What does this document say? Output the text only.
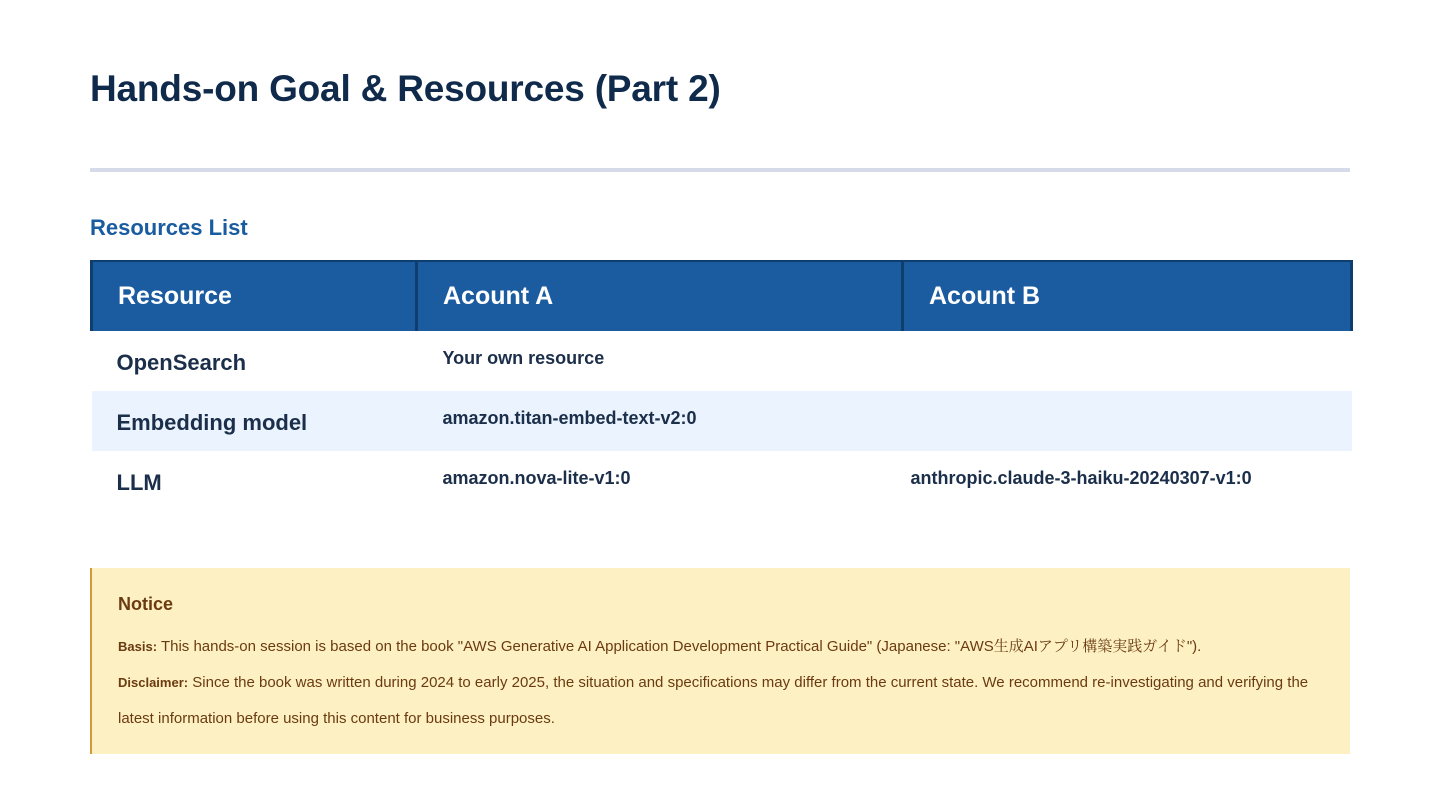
Hands-on Goal & Resources (Part 2)
Resources List
Resource	Acount A	Acount B
OpenSearch	Your own resource	
Embedding model	amazon.titan-embed-text-v2:0	
LLM	amazon.nova-lite-v1:0	anthropic.claude-3-haiku-20240307-v1:0

Notice

Basis: This hands-on session is based on the book "AWS Generative AI Application Development Practical Guide" (Japanese: "AWS生成AIアプリ構築実践ガイド").

Disclaimer: Since the book was written during 2024 to early 2025, the situation and specifications may differ from the current state. We recommend re-investigating and verifying the latest information before using this content for business purposes.
